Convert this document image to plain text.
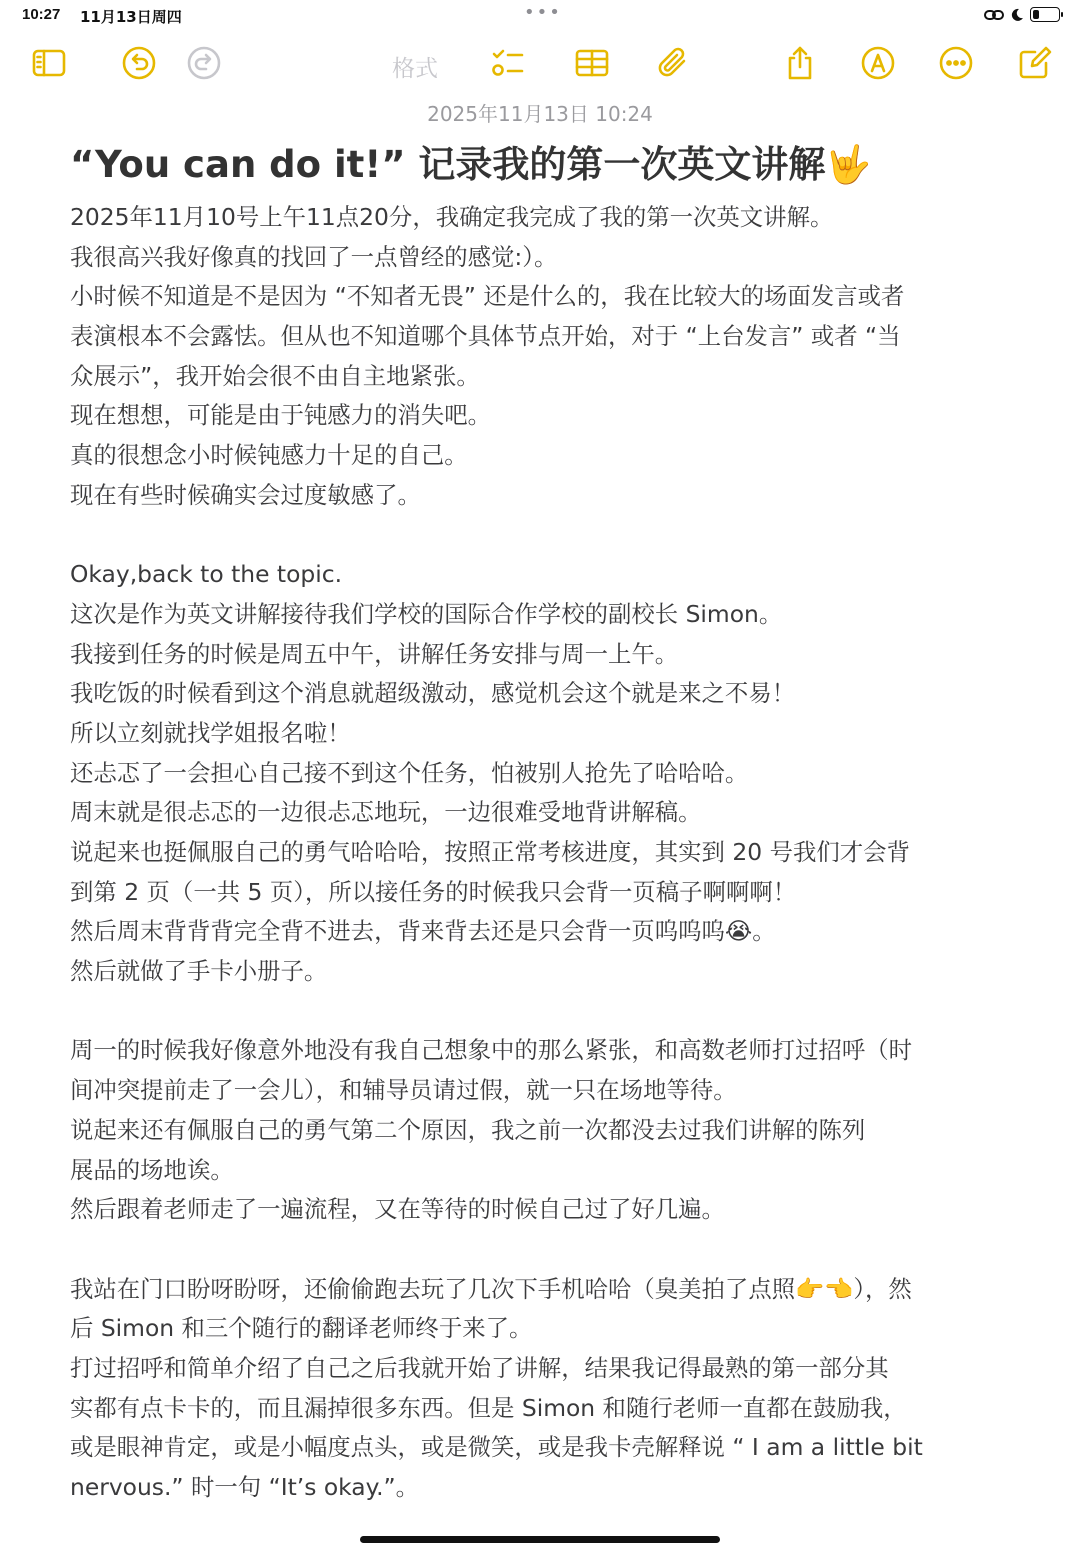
10:27 11月13日周四	•••
格式
2025年11月13日 10:24
“You can do it!” 记录我的第一次英文讲解🤟
2025年11月10号上午11点20分，我确定我完成了我的第一次英文讲解。
我很高兴我好像真的找回了一点曾经的感觉:）。
小时候不知道是不是因为 “不知者无畏” 还是什么的，我在比较大的场面发言或者
表演根本不会露怯。但从也不知道哪个具体节点开始，对于 “上台发言” 或者 “当
众展示”，我开始会很不由自主地紧张。
现在想想，可能是由于钝感力的消失吧。
真的很想念小时候钝感力十足的自己。
现在有些时候确实会过度敏感了。
Okay,back to the topic.
这次是作为英文讲解接待我们学校的国际合作学校的副校长 Simon。
我接到任务的时候是周五中午，讲解任务安排与周一上午。
我吃饭的时候看到这个消息就超级激动，感觉机会这个就是来之不易！
所以立刻就找学姐报名啦！
还忐忑了一会担心自己接不到这个任务，怕被别人抢先了哈哈哈。
周末就是很忐忑的一边很忐忑地玩，一边很难受地背讲解稿。
说起来也挺佩服自己的勇气哈哈哈，按照正常考核进度，其实到 20 号我们才会背
到第 2 页（一共 5 页），所以接任务的时候我只会背一页稿子啊啊啊！
然后周末背背背完全背不进去，背来背去还是只会背一页呜呜呜😭。
然后就做了手卡小册子。
周一的时候我好像意外地没有我自己想象中的那么紧张，和高数老师打过招呼（时
间冲突提前走了一会儿），和辅导员请过假，就一只在场地等待。
说起来还有佩服自己的勇气第二个原因，我之前一次都没去过我们讲解的陈列
展品的场地诶。
然后跟着老师走了一遍流程，又在等待的时候自己过了好几遍。
我站在门口盼呀盼呀，还偷偷跑去玩了几次下手机哈哈（臭美拍了点照👉👈），然
后 Simon 和三个随行的翻译老师终于来了。
打过招呼和简单介绍了自己之后我就开始了讲解，结果我记得最熟的第一部分其
实都有点卡卡的，而且漏掉很多东西。但是 Simon 和随行老师一直都在鼓励我，
或是眼神肯定，或是小幅度点头，或是微笑，或是我卡壳解释说 “ I am a little bit
nervous.” 时一句 “It’s okay.”。
